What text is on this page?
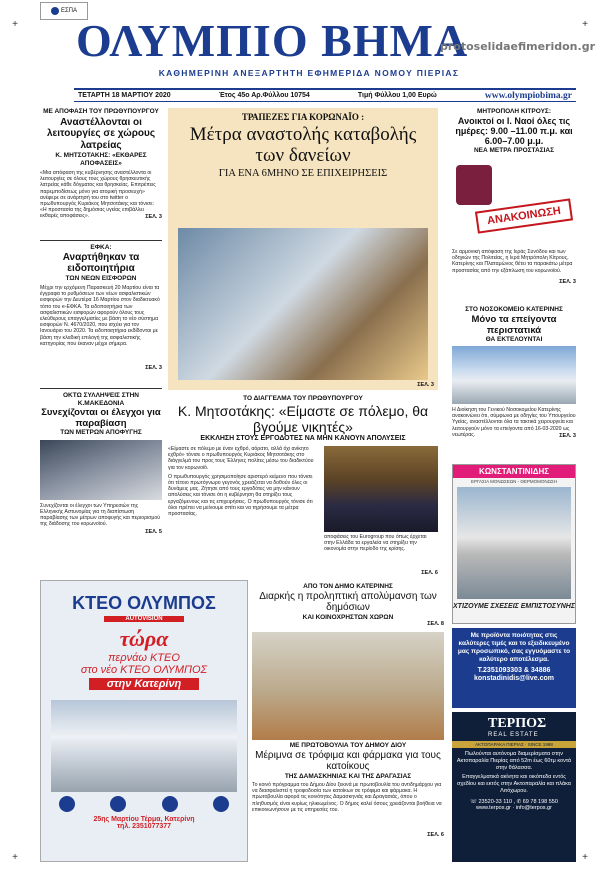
+	+
+	+
ΕΣΠΑ
ΟΛΥΜΠΙΟ ΒΗΜΑ
protoselidaefimeridon.gr
ΚΑΘΗΜΕΡΙΝΗ ΑΝΕΞΑΡΤΗΤΗ ΕΦΗΜΕΡΙΔΑ ΝΟΜΟΥ ΠΙΕΡΙΑΣ
ΤΕΤΑΡΤΗ 18 ΜΑΡΤΙΟΥ 2020	Έτος 45ο Αρ.Φύλλου 10754	Τιμή Φύλλου 1,00 Ευρώ	www.olympiobima.gr
ΜΕ ΑΠΟΦΑΣΗ ΤΟΥ ΠΡΩΘΥΠΟΥΡΓΟΥ
Αναστέλλονται οι λειτουργίες σε χώρους λατρείας
Κ. ΜΗΤΣΟΤΑΚΗΣ: «ΕΚΘΑΡΕΣ ΑΠΟΦΑΣΕΙΣ»
«Μια απόφαση της κυβέρνησης αναστέλλοντα οι λειτουργίες σε όλους τους χώρους θρησκευτικής λατρείας κάθε δόγματος και θρησκείας. Επιτρέπεις παρεμποδίσεως μόνο για ατομική προσευχή» ανέφερε σε ανάρτησή του στο twitter ο πρωθυπουργός Κυριάκος Μητσοτάκης και τόνισε: «Η προστασία της δημόσιας υγείας επιβάλλει εκθαρές αποφάσεις».	ΣΕΛ. 3
ΕΦΚΑ:
Αναρτήθηκαν τα ειδοποιητήρια
ΤΩΝ ΝΕΩΝ ΕΙΣΦΟΡΩΝ
Μέχρι την ερχόμενη Παρασκευή 20 Μαρτίου είναι τα έγγραφα το ρυθμόσεων των νέων ασφαλιστικών εισφορών την Δευτέρα 16 Μαρτίου στον διαδικτυακό τόπο του e-ΕΦΚΑ. Τα ειδοποιητήρια των ασφαλιστικών εισφορών αφορούν όλους τους ελεύθερους επαγγελματίες με βάση το νέο σύστημα εισφορών Ν. 4670/2020, που ισχύει για τον Ιανουάριο του 2020. Τα ειδοποιητήρια εκδίδονται με βάση την κλαδική επιλογή της ασφαλιστικής κατηγορίας που έκαναν μέχρι σήμερα.
ΣΕΛ. 3
ΟΚΤΩ ΣΥΛΛΗΨΕΙΣ ΣΤΗΝ Κ.ΜΑΚΕΔΟΝΙΑ
Συνεχίζονται οι έλεγχοι για παραβίαση
ΤΩΝ ΜΕΤΡΩΝ ΑΠΟΦΥΓΗΣ
Συνεχίζονται οι έλεγχοι των Υπηρεσιών της Ελληνικής Αστυνομίας για τη διαπίστωση παραβίασης των μέτρων αποφυγής και περιορισμού της διάδοσης του κορωνοϊού.
ΣΕΛ. 5
ΤΡΑΠΕΖΕΣ ΓΙΑ ΚΟΡΩΝΑΪΟ :
Μέτρα αναστολής καταβολής των δανείων
ΓΙΑ ΕΝΑ 6ΜΗΝΟ ΣΕ ΕΠΙΧΕΙΡΗΣΕΙΣ
ΣΕΛ. 3
ΤΟ ΔΙΑΓΓΕΛΜΑ ΤΟΥ ΠΡΩΘΥΠΟΥΡΓΟΥ
Κ. Μητσοτάκης: «Είμαστε σε πόλεμο, θα βγούμε νικητές»
ΕΚΚΛΗΣΗ ΣΤΟΥΣ ΕΡΓΟΔΟΤΕΣ ΝΑ ΜΗΝ ΚΑΝΟΥΝ ΑΠΟΛΥΣΕΙΣ
«Είμαστε σε πόλεμο με έναν εχθρό, αόρατο, αλλά όχι ανίκητο εχθρό» τόνισε ο πρωθυπουργός Κυριάκος Μητσοτάκης στο διάγγελμά του προς τους Έλληνες πολίτες μέσω του διαδικτύου για τον κορωνοϊό.
Ο πρωθυπουργός χρησιμοποίησε αριστερό κείμενο που τόνισε ότι τέτοιο πρωτόγνωρο γεγονός χρειάζεται να δοθούν όλες οι δυνάμεις μας. Ζήτησε από τους εργοδότες να μην κάνουν απολύσεις και τόνισε ότι η κυβέρνηση θα στηρίξει τους εργαζόμενους και τις επιχειρήσεις. Ο πρωθυπουργός τόνισε ότι όλοι πρέπει να μείνουμε σπίτι και να τηρήσουμε τα μέτρα προστασίας.
αποφάσεις του Eurogroup που όπως έρχεται στην Ελλάδα τα εργαλεία να στηρίξει την οικονομία στην περίοδο της κρίσης.
ΣΕΛ. 6
ΚΤΕΟ ΟΛΥΜΠΟΣ
AUTOVISION
τώρα
περνάω ΚΤΕΟ
στο νέο ΚΤΕΟ ΟΛΥΜΠΟΣ
στην Κατερίνη
25ης Μαρτίου Τέρμα, Κατερίνη
τηλ. 2351077377
ΑΠΟ ΤΟΝ ΔΗΜΟ ΚΑΤΕΡΙΝΗΣ
Διαρκής η προληπτική απολύμανση των δημόσιων
ΚΑΙ ΚΟΙΝΟΧΡΗΣΤΩΝ ΧΩΡΩΝ
ΣΕΛ. 8
ΜΕ ΠΡΩΤΟΒΟΥΛΙΑ ΤΟΥ ΔΗΜΟΥ ΔΙΟΥ
Μέριμνα σε τρόφιμα και φάρμακα για τους κατοίκους
ΤΗΣ ΔΑΜΑΣΚΗΝΙΑΣ ΚΑΙ ΤΗΣ ΔΡΑΓΑΣΙΑΣ
Το κοινό πρόγραμμα του Δήμου Δίου ξεκινά με πρωτοβουλία του αντιδημάρχου για να διασφαλιστεί η τροφοδοσία των κατοίκων σε τρόφιμα και φάρμακα. Η πρωτοβουλία αφορά τις κοινότητες Δαμασκηνιάς και Δραγασιάς, όπου ο πληθυσμός είναι κυρίως ηλικιωμένος. Ο δήμος καλεί όσους χρειάζονται βοήθεια να επικοινωνήσουν με τις υπηρεσίες του.
ΣΕΛ. 6
ΜΗΤΡΟΠΟΛΗ ΚΙΤΡΟΥΣ:
Ανοικτοί οι Ι. Ναοί όλες τις ημέρες: 9.00 –11.00 π.μ. και 6.00–7.00 μ.μ.
ΝΕΑ ΜΕΤΡΑ ΠΡΟΣΤΑΣΙΑΣ
ΑΝΑΚΟΙΝΩΣΗ
Σε αρμονική απόφαση της Ιεράς Συνόδου και των οδηγιών της Πολιτείας, η Ιερά Μητρόπολη Κίτρους, Κατερίνης και Πλαταμώνος θέτει τα παρακάτω μέτρα προστασίας από την εξάπλωση του κορωνοϊού.
ΣΕΛ. 3
ΣΤΟ ΝΟΣΟΚΟΜΕΙΟ ΚΑΤΕΡΙΝΗΣ
Μόνο τα επείγοντα περιστατικά
ΘΑ ΕΚΤΕΛΟΥΝΤΑΙ
Η Διοίκηση του Γενικού Νοσοκομείου Κατερίνης ανακοινώνει ότι, σύμφωνα με οδηγίες του Υπουργείου Υγείας, αναστέλλονται όλα τα τακτικά χειρουργεία και λειτουργούν μόνο τα επείγοντα από 16-03-2020 ως νεωτέρας.	ΣΕΛ. 3
ΚΩΝΣΤΑΝΤΙΝΙΔΗΣ
ΕΡΓΑΣΙΑ ΜΟΝΩΣΕΩΝ - ΘΕΡΜΟΜΟΝΩΣΗ
ΧΤΙΖΟΥΜΕ ΣΧΕΣΕΙΣ ΕΜΠΙΣΤΟΣΥΝΗΣ
Με προϊόντα ποιότητας στις καλύτερες τιμές και το εξειδικευμένο μας προσωπικό, σας εγγυόμαστε το καλύτερο αποτέλεσμα.
T.2351093303 & 34886
konstadinidis@live.com
ΤΕΡΠΟΣ
REAL ESTATE
ΑΚΤΟΠΑΡΑΚΑ ΠΙΕΡΙΑΣ · SINCE 1988
Πωλούνται αυτόνομα διαμερίσματα στην Ακτοπαραλία Πιερίας από 52m έως 60τμ κοντά στην θάλασσα.
Επαγγελματικά ακίνητα και οικόπεδα εντός σχεδίου και εκτός στην Ακτοπαραλία και πλάκα Λιτόχωρου.
☏ 23520-33 110 , ✆ 69 78 198 550
www.terpos.gr · info@terpos.gr
